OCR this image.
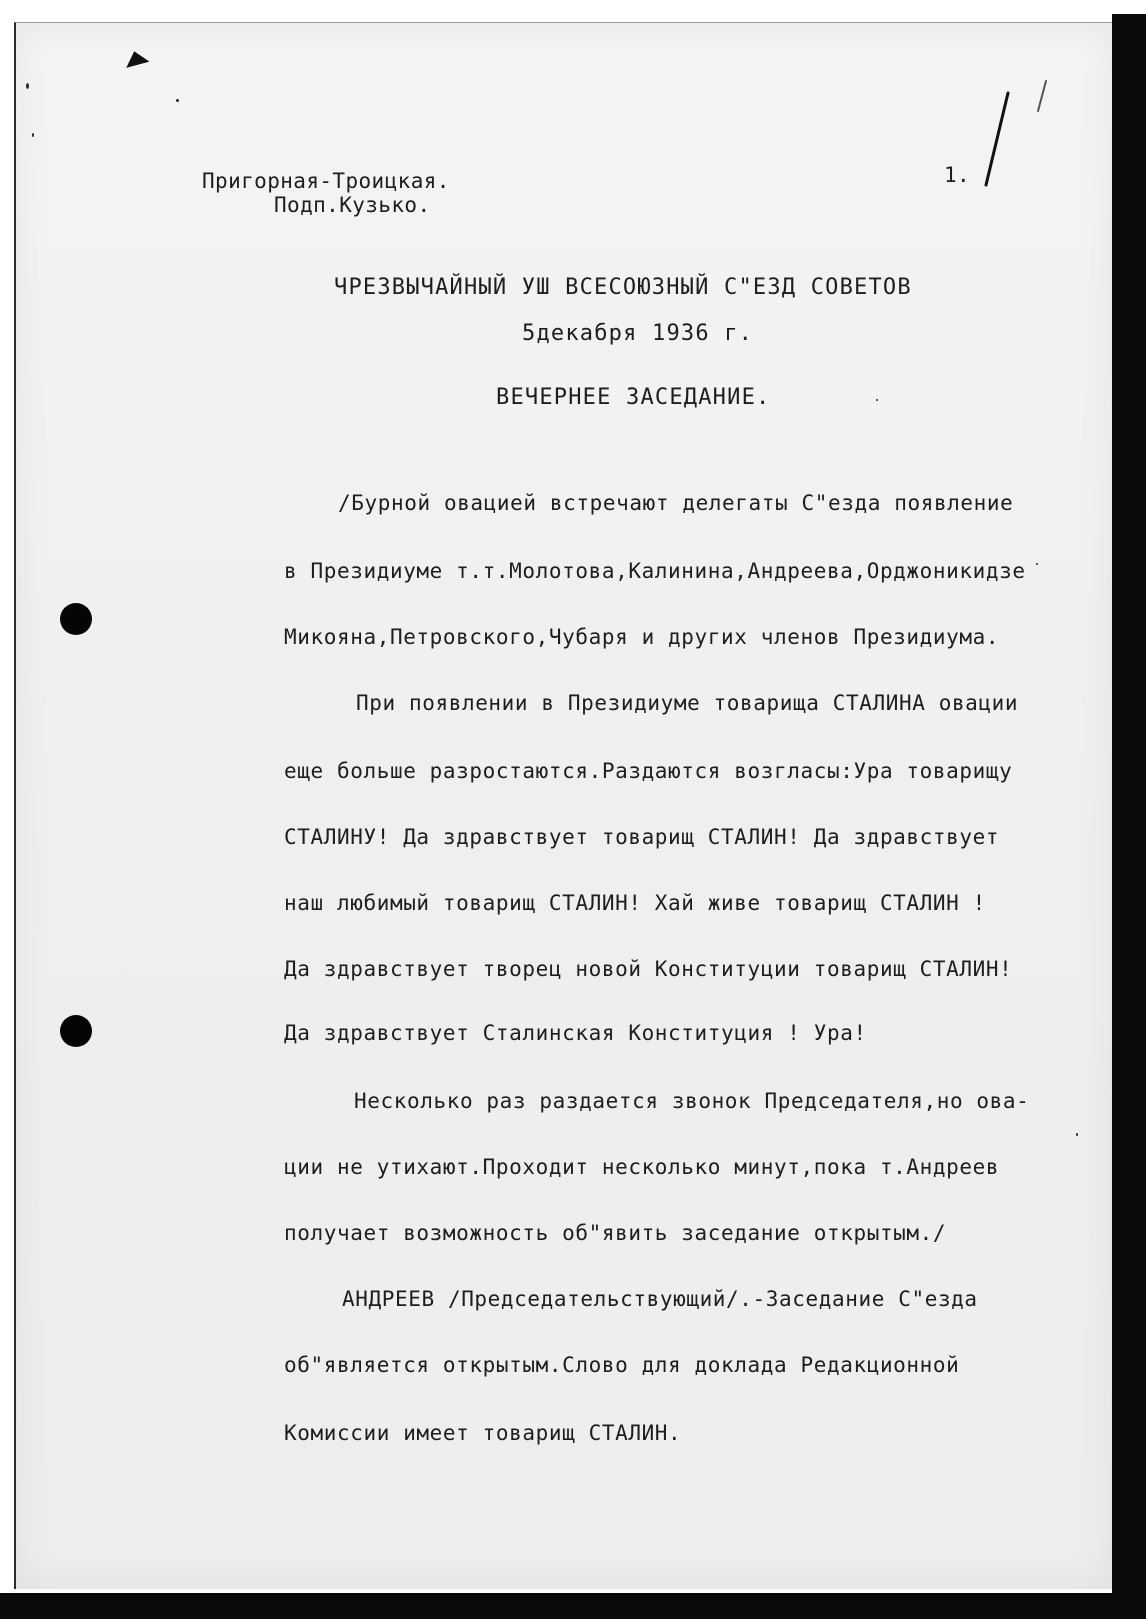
Пригорная-Троицкая.
Подп.Кузько.
1.
ЧРЕЗВЫЧАЙНЫЙ УШ ВСЕСОЮЗНЫЙ С"ЕЗД СОВЕТОВ
5декабря 1936 г.
ВЕЧЕРНЕЕ ЗАСЕДАНИЕ.
/Бурной овацией встречают делегаты С"езда появление
в Президиуме т.т.Молотова,Калинина,Андреева,Орджоникидзе
Микояна,Петровского,Чубаря и других членов Президиума.
При появлении в Президиуме товарища СТАЛИНА овации
еще больше разростаются.Раздаются возгласы:Ура товарищу
СТАЛИНУ! Да здравствует товарищ СТАЛИН! Да здравствует
наш любимый товарищ СТАЛИН! Хай живе товарищ СТАЛИН !
Да здравствует творец новой Конституции товарищ СТАЛИН!
Да здравствует Сталинская Конституция ! Ура!
Несколько раз раздается звонок Председателя,но ова-
ции не утихают.Проходит несколько минут,пока т.Андреев
получает возможность об"явить заседание открытым./
АНДРЕЕВ /Председательствующий/.-Заседание С"езда
об"является открытым.Слово для доклада Редакционной
Комиссии имеет товарищ СТАЛИН.
